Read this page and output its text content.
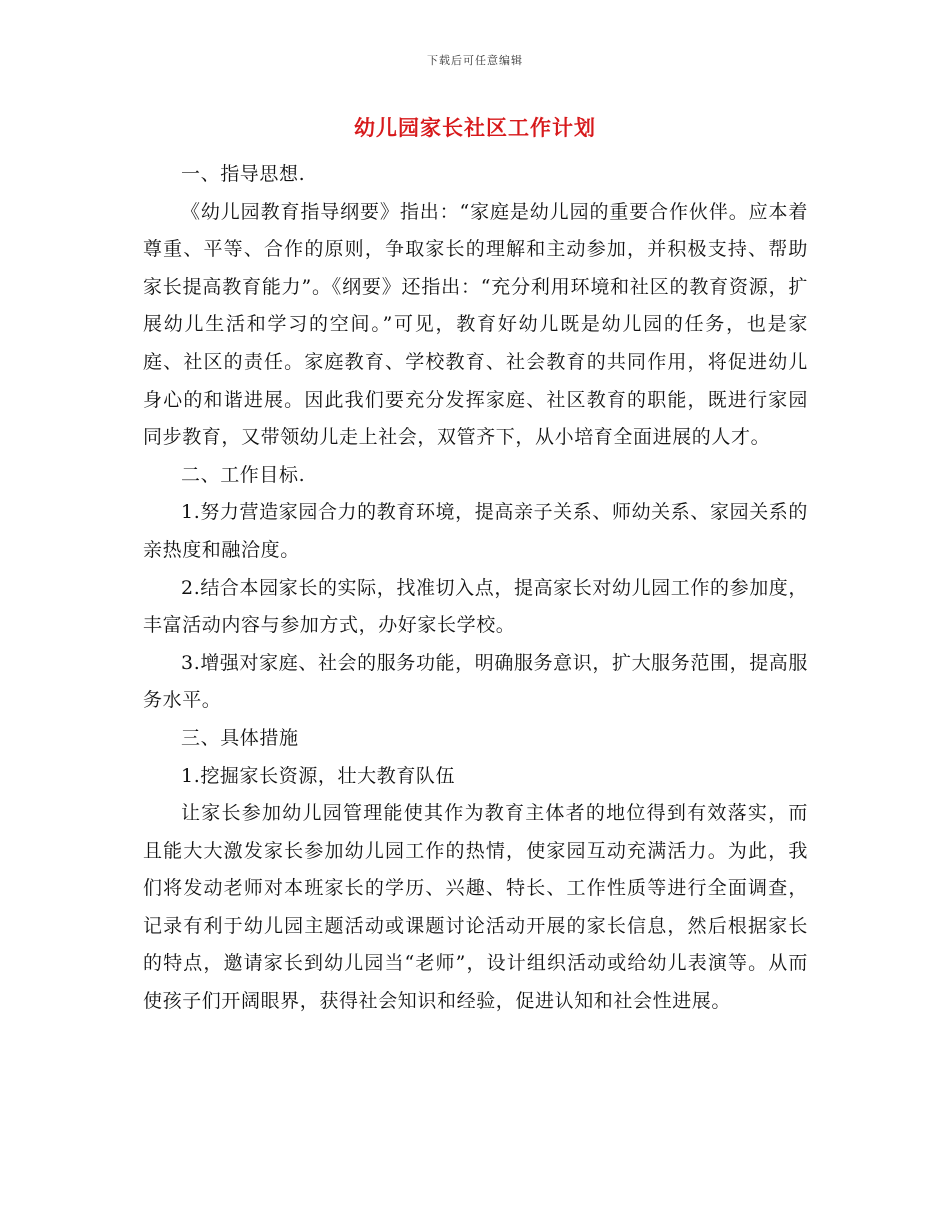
下载后可任意编辑
幼儿园家长社区工作计划

一、指导思想.

《幼儿园教育指导纲要》指出：“家庭是幼儿园的重要合作伙伴。应本着尊重、平等、合作的原则，争取家长的理解和主动参加，并积极支持、帮助家长提高教育能力”。《纲要》还指出：“充分利用环境和社区的教育资源，扩展幼儿生活和学习的空间。”可见，教育好幼儿既是幼儿园的任务，也是家庭、社区的责任。家庭教育、学校教育、社会教育的共同作用，将促进幼儿身心的和谐进展。因此我们要充分发挥家庭、社区教育的职能，既进行家园同步教育，又带领幼儿走上社会，双管齐下，从小培育全面进展的人才。

二、工作目标.

1.努力营造家园合力的教育环境，提高亲子关系、师幼关系、家园关系的亲热度和融洽度。

2.结合本园家长的实际，找准切入点，提高家长对幼儿园工作的参加度，丰富活动内容与参加方式，办好家长学校。

3.增强对家庭、社会的服务功能，明确服务意识，扩大服务范围，提高服务水平。

三、具体措施

1.挖掘家长资源，壮大教育队伍

让家长参加幼儿园管理能使其作为教育主体者的地位得到有效落实，而且能大大激发家长参加幼儿园工作的热情，使家园互动充满活力。为此，我们将发动老师对本班家长的学历、兴趣、特长、工作性质等进行全面调查，记录有利于幼儿园主题活动或课题讨论活动开展的家长信息，然后根据家长的特点，邀请家长到幼儿园当“老师”，设计组织活动或给幼儿表演等。从而使孩子们开阔眼界，获得社会知识和经验，促进认知和社会性进展。
